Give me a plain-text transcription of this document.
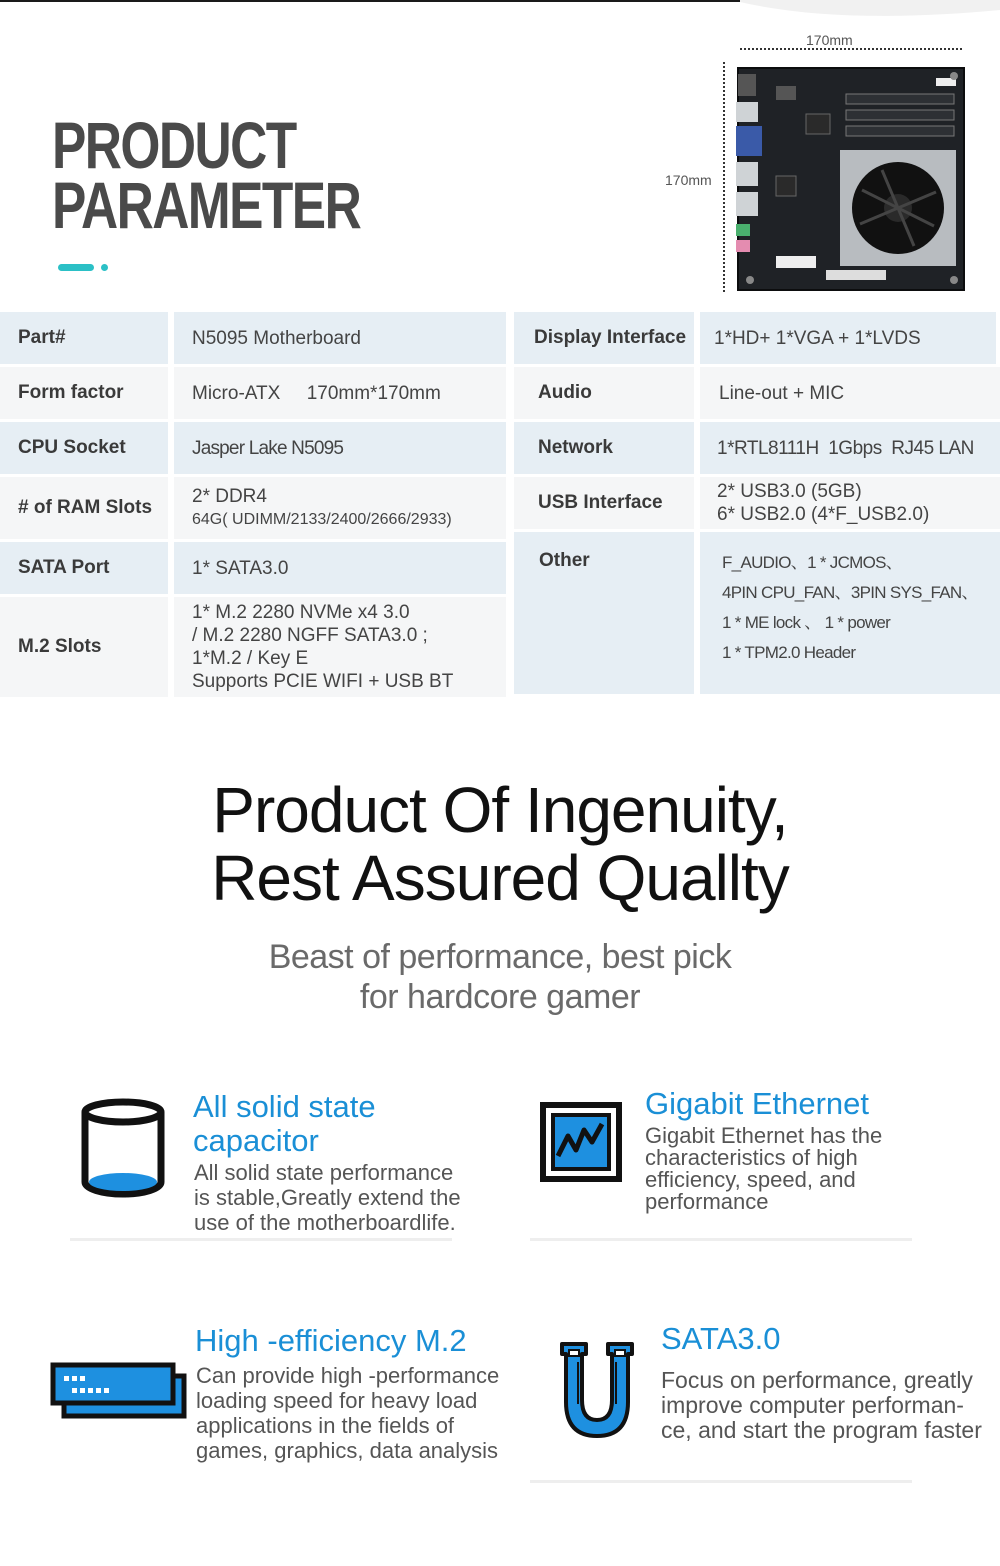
PRODUCT
PARAMETER
170mm
170mm
Part#
Form factor
CPU Socket
# of RAM Slots
SATA Port
M.2 Slots
N5095 Motherboard
Micro-ATX     170mm*170mm
Jasper Lake N5095
2* DDR4
64G( UDIMM/2133/2400/2666/2933)
1* SATA3.0
1* M.2 2280 NVMe x4 3.0
/ M.2 2280 NGFF SATA3.0 ;
1*M.2 / Key E
Supports PCIE WIFI + USB BT
Display Interface
Audio
Network
USB Interface
Other
1*HD+ 1*VGA + 1*LVDS
Line-out + MIC
1*RTL8111H  1Gbps  RJ45 LAN
2* USB3.0 (5GB)
6* USB2.0 (4*F_USB2.0)
F_AUDIO、1 * JCMOS、
4PIN CPU_FAN、3PIN SYS_FAN、
1 * ME lock 、 1 * power
1 * TPM2.0 Header
Product Of Ingenuity,
Rest Assured Quallty
Beast of performance, best pick
for hardcore gamer
All solid state
capacitor
All solid state performance
is stable,Greatly extend the
use of the motherboardlife.
Gigabit Ethernet
Gigabit Ethernet has the
characteristics of high
efficiency, speed, and
performance
High -efficiency M.2
Can provide high -performance
loading speed for heavy load
applications in the fields of
games, graphics, data analysis
SATA3.0
Focus on performance, greatly
improve computer performan-
ce, and start the program faster
